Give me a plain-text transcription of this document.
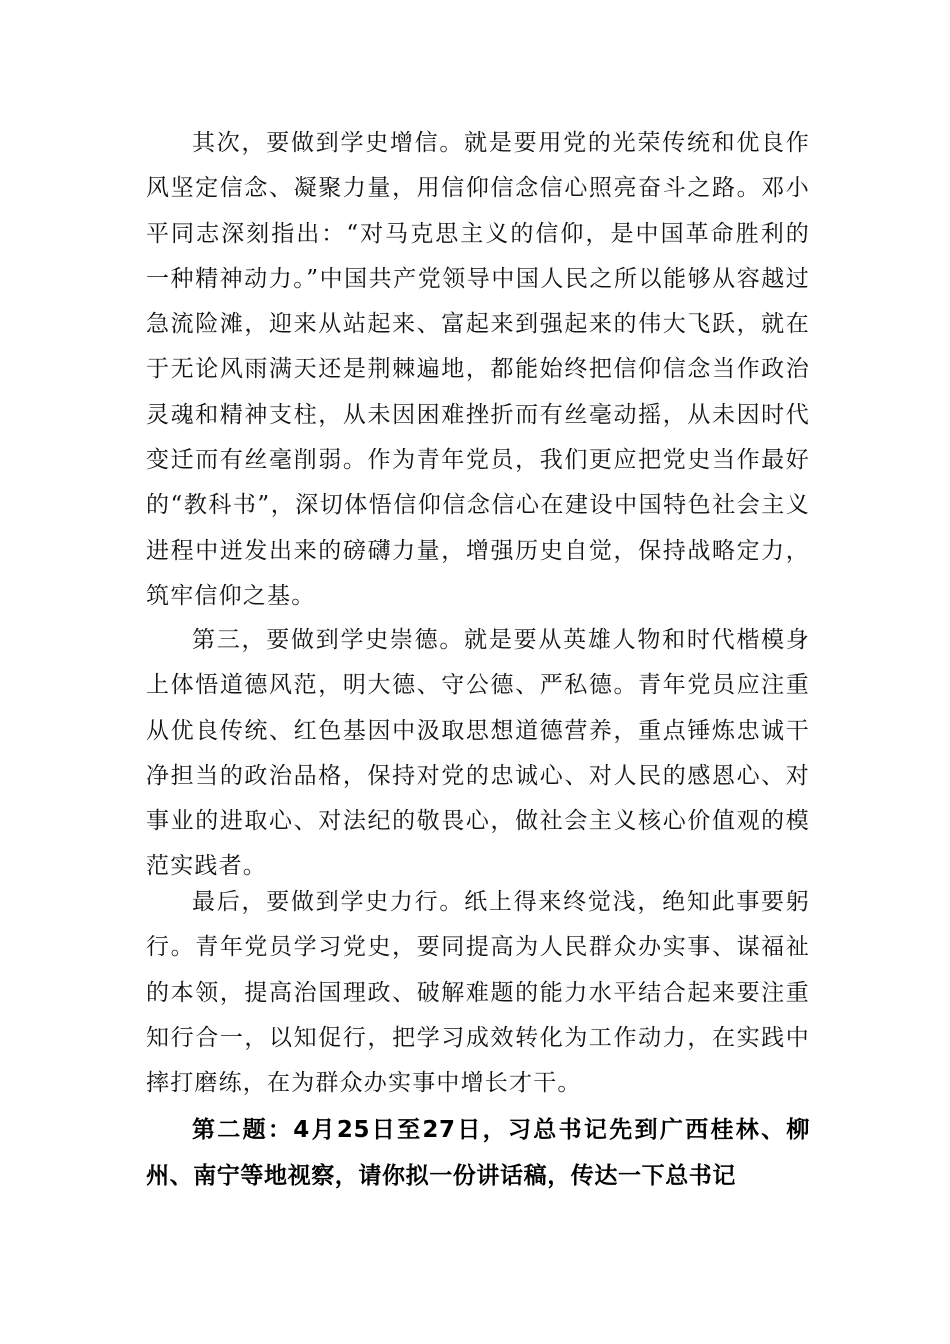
其次，要做到学史增信。就是要用党的光荣传统和优良作风坚定信念、凝聚力量，用信仰信念信心照亮奋斗之路。邓小平同志深刻指出：“对马克思主义的信仰，是中国革命胜利的一种精神动力。”中国共产党领导中国人民之所以能够从容越过急流险滩，迎来从站起来、富起来到强起来的伟大飞跃，就在于无论风雨满天还是荆棘遍地，都能始终把信仰信念当作政治灵魂和精神支柱，从未因困难挫折而有丝毫动摇，从未因时代变迁而有丝毫削弱。作为青年党员，我们更应把党史当作最好的“教科书”，深切体悟信仰信念信心在建设中国特色社会主义进程中迸发出来的磅礴力量，增强历史自觉，保持战略定力，筑牢信仰之基。

第三，要做到学史崇德。就是要从英雄人物和时代楷模身上体悟道德风范，明大德、守公德、严私德。青年党员应注重从优良传统、红色基因中汲取思想道德营养，重点锤炼忠诚干净担当的政治品格，保持对党的忠诚心、对人民的感恩心、对事业的进取心、对法纪的敬畏心，做社会主义核心价值观的模范实践者。

最后，要做到学史力行。纸上得来终觉浅，绝知此事要躬行。青年党员学习党史，要同提高为人民群众办实事、谋福祉的本领，提高治国理政、破解难题的能力水平结合起来要注重知行合一，以知促行，把学习成效转化为工作动力，在实践中摔打磨练，在为群众办实事中增长才干。

第二题：4月25日至27日，习总书记先到广西桂林、柳州、南宁等地视察，请你拟一份讲话稿，传达一下总书记
